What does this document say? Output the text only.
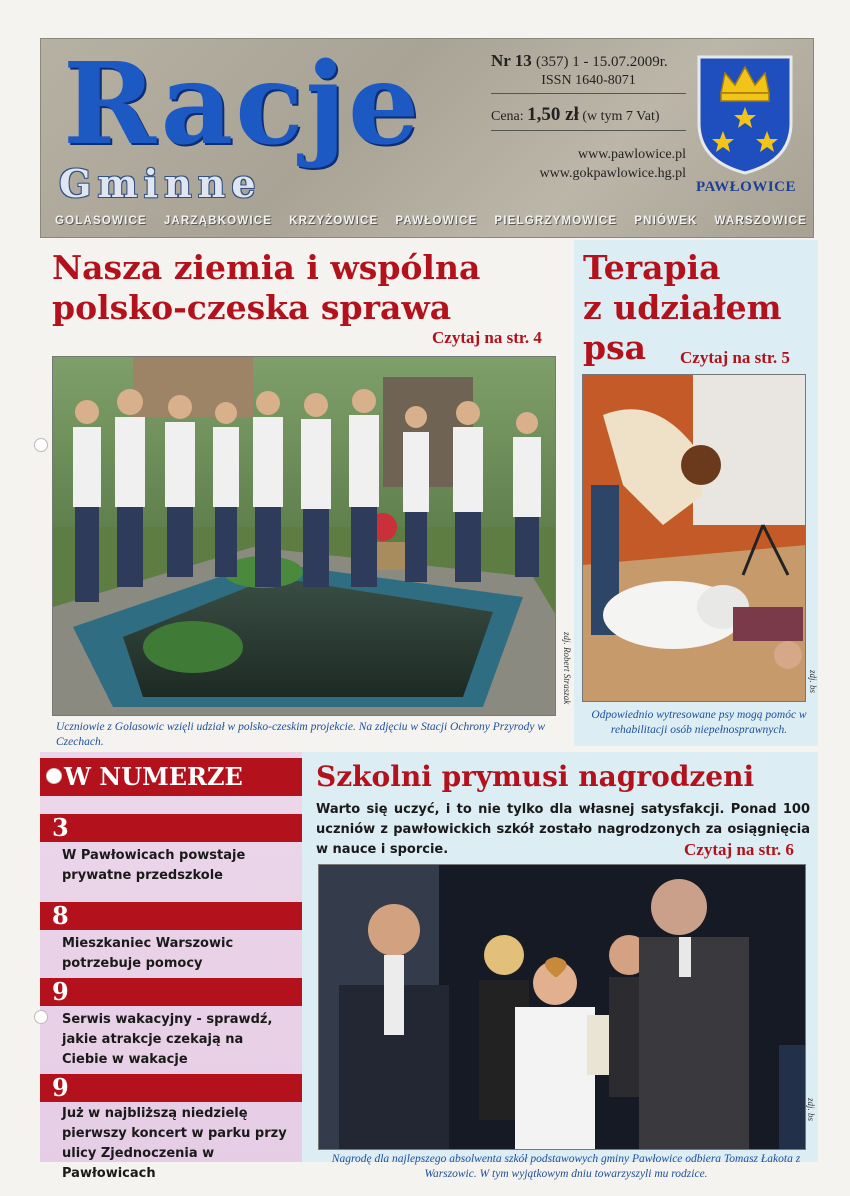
Racje
Gminne
Nr 13 (357) 1 - 15.07.2009r.
ISSN 1640-8071
Cena: 1,50 zł (w tym 7 Vat)
www.pawlowice.pl
www.gokpawlowice.hg.pl
PAWŁOWICE
GOLASOWICE JARZĄBKOWICE KRZYŻOWICE PAWŁOWICE PIELGRZYMOWICE PNIÓWEK WARSZOWICE
Nasza ziemia i wspólna
polsko-czeska sprawa
Czytaj na str. 4
zdj. Robert Straszak
Uczniowie z Golasowic wzięli udział w polsko-czeskim projekcie. Na zdjęciu w Stacji Ochrony Przyrody w Czechach.
Terapia
z udziałem
psa	Czytaj na str. 5
zdj. bs
Odpowiednio wytresowane psy mogą pomóc w rehabilitacji osób niepełnosprawnych.
W NUMERZE
3
W Pawłowicach powstaje prywatne przedszkole
8
Mieszkaniec Warszowic potrzebuje pomocy
9
Serwis wakacyjny - sprawdź, jakie atrakcje czekają na Ciebie w wakacje
9
Już w najbliższą niedzielę pierwszy koncert w parku przy ulicy Zjednoczenia w Pawłowicach
Szkolni prymusi nagrodzeni
Warto się uczyć, i to nie tylko dla własnej satysfakcji. Ponad 100 uczniów z pawłowickich szkół zostało nagrodzonych za osiągnięcia w nauce i sporcie.	Czytaj na str. 6
zdj. bs
Nagrodę dla najlepszego absolwenta szkół podstawowych gminy Pawłowice odbiera Tomasz Łakota z Warszowic. W tym wyjątkowym dniu towarzyszyli mu rodzice.
